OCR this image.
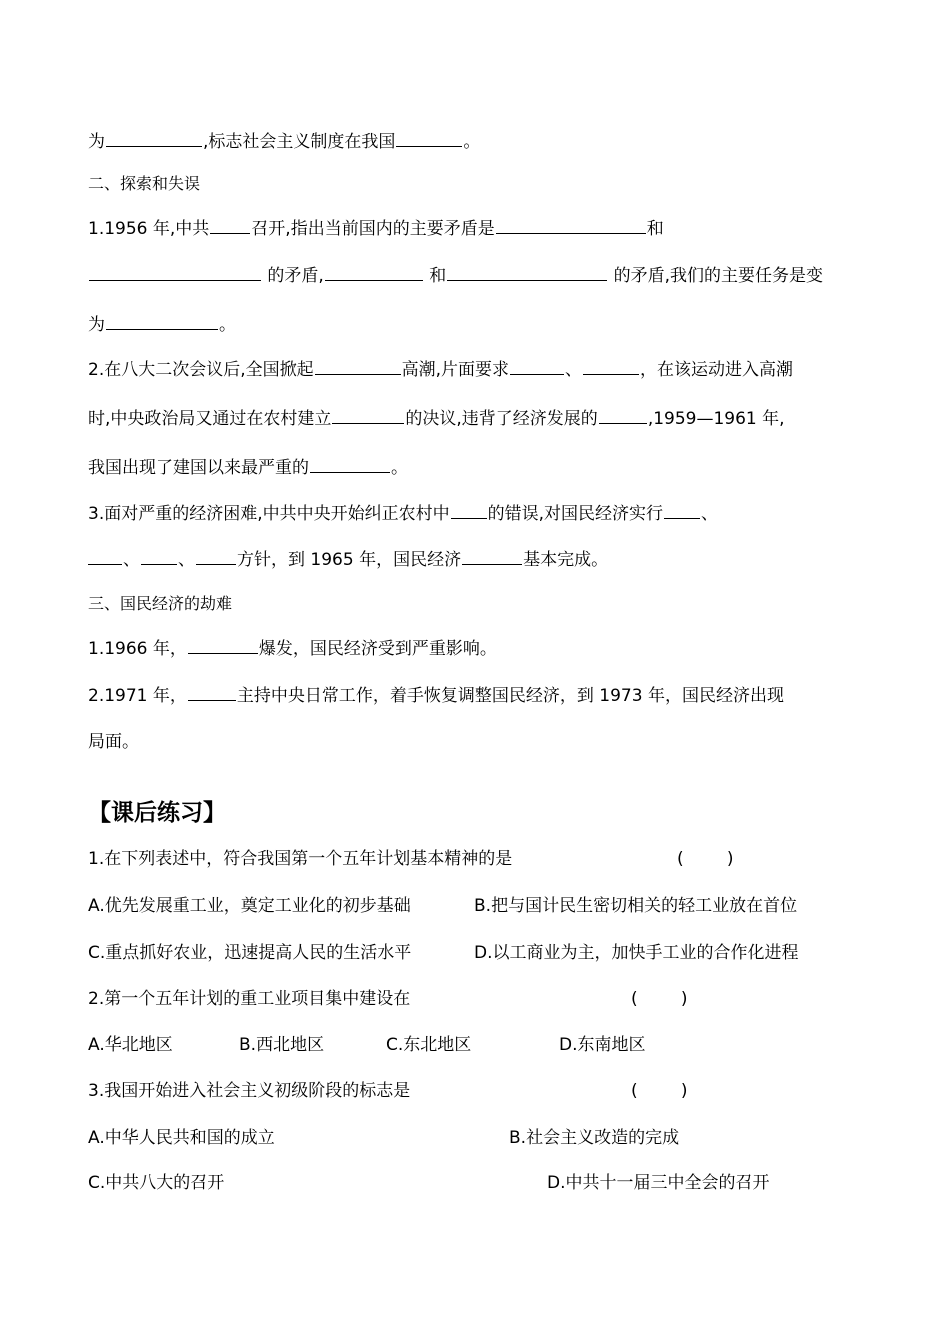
为	,标志社会主义制度在我国	。
二、探索和失误
1.1956 年,中共 召开,指出当前国内的主要矛盾是	和
的矛盾,	和	的矛盾,我们的主要任务是变
为	。
2.在八大二次会议后,全国掀起	高潮,片面要求	、	，在该运动进入高潮
时,中央政治局又通过在农村建立	的决议,违背了经济发展的	,1959—1961 年,
我国出现了建国以来最严重的	。
3.面对严重的经济困难,中共中央开始纠正农村中 的错误,对国民经济实行 、
、 、 方针，到 1965 年，国民经济	基本完成。
三、国民经济的劫难
1.1966 年，	爆发，国民经济受到严重影响。
2.1971 年，	主持中央日常工作，着手恢复调整国民经济，到 1973 年，国民经济出现
局面。
【课后练习】
1.在下列表述中，符合我国第一个五年计划基本精神的是	(        )
A.优先发展重工业，奠定工业化的初步基础	B.把与国计民生密切相关的轻工业放在首位
C.重点抓好农业，迅速提高人民的生活水平	D.以工商业为主，加快手工业的合作化进程
2.第一个五年计划的重工业项目集中建设在	(        )
A.华北地区	B.西北地区	C.东北地区	D.东南地区
3.我国开始进入社会主义初级阶段的标志是	(        )
A.中华人民共和国的成立	B.社会主义改造的完成
C.中共八大的召开	D.中共十一届三中全会的召开
